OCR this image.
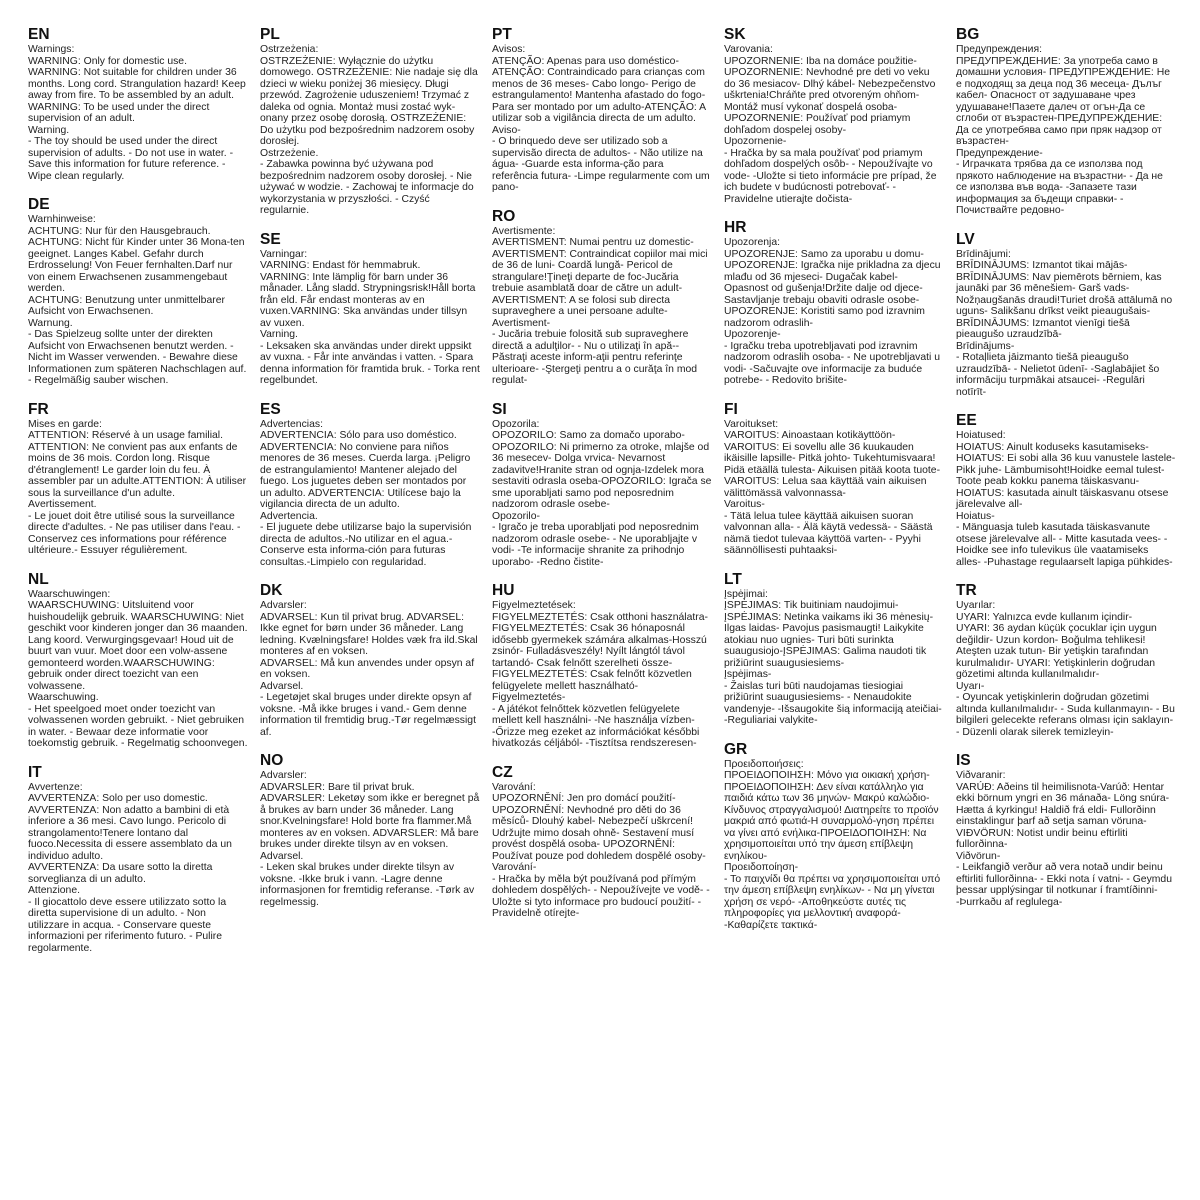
EN
Warnings:
WARNING: Only for domestic use.
WARNING: Not suitable for children under 36 months. Long cord. Strangulation hazard! Keep away from fire. To be assembled by an adult.
WARNING: To be used under the direct supervision of an adult.
Warning.
- The toy should be used under the direct supervision of adults. - Do not use in water. - Save this information for future reference. - Wipe clean regularly.
DE
Warnhinweise:
ACHTUNG: Nur für den Hausgebrauch.
ACHTUNG: Nicht für Kinder unter 36 Mona-ten geeignet. Langes Kabel. Gefahr durch Erdrosselung! Von Feuer fernhalten.Darf nur von einem Erwachsenen zusammengebaut werden.
ACHTUNG: Benutzung unter unmittelbarer Aufsicht von Erwachsenen.
Warnung.
- Das Spielzeug sollte unter der direkten Aufsicht von Erwachsenen benutzt werden. - Nicht im Wasser verwenden. - Bewahre diese Informationen zum späteren Nachschlagen auf. - Regelmäßig sauber wischen.
FR
Mises en garde:
ATTENTION: Réservé à un usage familial.
ATTENTION: Ne convient pas aux enfants de moins de 36 mois. Cordon long. Risque d'étranglement! Le garder loin du feu. À assembler par un adulte.ATTENTION: À utiliser sous la surveillance d'un adulte.
Avertissement.
- Le jouet doit être utilisé sous la surveillance directe d'adultes. - Ne pas utiliser dans l'eau. - Conservez ces informations pour référence ultérieure.- Essuyer régulièrement.
NL
Waarschuwingen:
WAARSCHUWING: Uitsluitend voor huishoudelijk gebruik. WAARSCHUWING: Niet geschikt voor kinderen jonger dan 36 maanden. Lang koord. Verwurgingsgevaar! Houd uit de buurt van vuur. Moet door een volw-assene gemonteerd worden.WAARSCHUWING: gebruik onder direct toezicht van een volwassene.
Waarschuwing.
- Het speelgoed moet onder toezicht van volwassenen worden gebruikt. - Niet gebruiken in water. - Bewaar deze informatie voor toekomstig gebruik. - Regelmatig schoonvegen.
IT
Avvertenze:
AVVERTENZA: Solo per uso domestic.
AVVERTENZA: Non adatto a bambini di età inferiore a 36 mesi. Cavo lungo. Pericolo di strangolamento!Tenere lontano dal fuoco.Necessita di essere assemblato da un individuo adulto.
AVVERTENZA: Da usare sotto la diretta sorveglianza di un adulto.
Attenzione.
- Il giocattolo deve essere utilizzato sotto la diretta supervisione di un adulto. - Non utilizzare in acqua. - Conservare queste informazioni per riferimento futuro. - Pulire regolarmente.
PL
Ostrzeżenia:
OSTRZEŻENIE: Wyłącznie do użytku domowego. OSTRZEŻENIE: Nie nadaje się dla dzieci w wieku poniżej 36 miesięcy. Długi przewód. Zagrożenie uduszeniem! Trzymać z daleka od ognia. Montaż musi zostać wyk-onany przez osobę dorosłą. OSTRZEŻENIE: Do użytku pod bezpośrednim nadzorem osoby dorosłej.
Ostrzeżenie.
- Zabawka powinna być używana pod bezpośrednim nadzorem osoby dorosłej. - Nie używać w wodzie. - Zachowaj te informacje do wykorzystania w przyszłości. - Czyść regularnie.
SE
Varningar:
VARNING: Endast för hemmabruk.
VARNING: Inte lämplig för barn under 36 månader. Lång sladd. Strypningsrisk!Håll borta från eld. Får endast monteras av en vuxen.VARNING: Ska användas under tillsyn av vuxen.
Varning.
- Leksaken ska användas under direkt uppsikt av vuxna. - Får inte användas i vatten. - Spara denna information för framtida bruk. - Torka rent regelbundet.
ES
Advertencias:
ADVERTENCIA: Sólo para uso doméstico.
ADVERTENCIA: No conviene para niños menores de 36 meses. Cuerda larga. ¡Peligro de estrangulamiento! Mantener alejado del fuego. Los juguetes deben ser montados por un adulto. ADVERTENCIA: Utilícese bajo la vigilancia directa de un adulto.
Advertencia.
- El juguete debe utilizarse bajo la supervisión directa de adultos.-No utilizar en el agua.-Conserve esta informa-ción para futuras consultas.-Limpielo con regularidad.
DK
Advarsler:
ADVARSEL: Kun til privat brug. ADVARSEL: Ikke egnet for børn under 36 måneder. Lang ledning. Kvælningsfare! Holdes væk fra ild.Skal monteres af en voksen.
ADVARSEL: Må kun anvendes under opsyn af en voksen.
Advarsel.
- Legetøjet skal bruges under direkte opsyn af voksne. -Må ikke bruges i vand.- Gem denne information til fremtidig brug.-Tør regelmæssigt af.
NO
Advarsler:
ADVARSLER: Bare til privat bruk.
ADVARSLER: Leketøy som ikke er beregnet på å brukes av barn under 36 måneder. Lang snor.Kvelningsfare! Hold borte fra flammer.Må monteres av en voksen. ADVARSLER: Må bare brukes under direkte tilsyn av en voksen.
Advarsel.
- Leken skal brukes under direkte tilsyn av voksne. -Ikke bruk i vann. -Lagre denne informasjonen for fremtidig referanse. -Tørk av regelmessig.
PT
Avisos:
ATENÇÃO: Apenas para uso doméstico-
ATENÇÃO: Contraindicado para crianças com menos de 36 meses- Cabo longo- Perigo de estrangulamento! Mantenha afastado do fogo- Para ser montado por um adulto-ATENÇÃO: A utilizar sob a vigilância directa de um adulto.
Aviso-
- O brinquedo deve ser utilizado sob a supervisão directa de adultos- - Não utilize na água- -Guarde esta informa-ção para referência futura- -Limpe regularmente com um pano-
RO
Avertismente:
AVERTISMENT: Numai pentru uz domestic-AVERTISMENT: Contraindicat copiilor mai mici de 36 de luni- Coardă lungă- Pericol de strangulare!Ţineţi departe de foc-Jucăria trebuie asamblată doar de către un adult-AVERTISMENT: A se folosi sub directa supraveghere a unei persoane adulte-
Avertisment-
- Jucăria trebuie folosită sub supraveghere directă a adulţilor- - Nu o utilizaţi în apă--Păstraţi aceste inform-aţii pentru referinţe ulterioare- -Ştergeţi pentru a o curăţa în mod regulat-
SI
Opozorila:
OPOZORILO: Samo za domačo uporabo-
OPOZORILO: Ni primerno za otroke, mlajše od 36 mesecev- Dolga vrvica- Nevarnost zadavitve!Hranite stran od ognja-Izdelek mora sestaviti odrasla oseba-OPOZORILO: Igrača se sme uporabljati samo pod neposrednim nadzorom odrasle osebe-
Opozorilo-
- Igračo je treba uporabljati pod neposrednim nadzorom odrasle osebe- - Ne uporabljajte v vodi- -Te informacije shranite za prihodnjo uporabo- -Redno čistite-
HU
Figyelmeztetések:
FIGYELMEZTETÉS: Csak otthoni használatra-FIGYELMEZTETÉS: Csak 36 hónaposnál idősebb gyermekek számára alkalmas-Hosszú zsinór- Fulladásveszély! Nyílt lángtól távol tartandó- Csak felnőtt szerelheti össze-FIGYELMEZTETÉS: Csak felnőtt közvetlen felügyelete mellett használható-
Figyelmeztetés-
- A játékot felnőttek közvetlen felügyelete mellett kell használni- -Ne használja vízben- -Őrizze meg ezeket az információkat későbbi hivatkozás céljából- -Tisztítsa rendszeresen-
CZ
Varování:
UPOZORNĚNÍ: Jen pro domácí použití-
UPOZORNĚNÍ: Nevhodné pro děti do 36 měsíců- Dlouhý kabel- Nebezpečí uškrcení! Udržujte mimo dosah ohně- Sestavení musí provést dospělá osoba- UPOZORNĚNÍ: Používat pouze pod dohledem dospělé osoby-
Varování-
- Hračka by měla být používaná pod přímým dohledem dospělých- - Nepoužívejte ve vodě- -Uložte si tyto informace pro budoucí použití- -Pravidelně otírejte-
SK
Varovania:
UPOZORNENIE: Iba na domáce použitie-
UPOZORNENIE: Nevhodné pre deti vo veku do 36 mesiacov- Dlhý kábel- Nebezpečenstvo uškrtenia!Chráňte pred otvoreným ohňom- Montáž musí vykonať dospelá osoba- UPOZORNENIE: Používať pod priamym dohľadom dospelej osoby-
Upozornenie-
- Hračka by sa mala používať pod priamym dohľadom dospelých osôb- - Nepoužívajte vo vode- -Uložte si tieto informácie pre prípad, že ich budete v budúcnosti potrebovať- -Pravidelne utierajte dočista-
HR
Upozorenja:
UPOZORENJE: Samo za uporabu u domu-
UPOZORENJE: Igračka nije prikladna za djecu mlađu od 36 mjeseci- Dugačak kabel- Opasnost od gušenja!Držite dalje od djece-Sastavljanje trebaju obaviti odrasle osobe-UPOZORENJE: Koristiti samo pod izravnim nadzorom odraslih-
Upozorenje-
- Igračku treba upotrebljavati pod izravnim nadzorom odraslih osoba- - Ne upotrebljavati u vodi- -Sačuvajte ove informacije za buduće potrebe- - Redovito brišite-
FI
Varoitukset:
VAROITUS: Ainoastaan kotikäyttöön-
VAROITUS: Ei sovellu alle 36 kuukauden ikäisille lapsille- Pitkä johto- Tukehtumisvaara! Pidä etäällä tulesta- Aikuisen pitää koota tuote-VAROITUS: Lelua saa käyttää vain aikuisen välittömässä valvonnassa-
Varoitus-
- Tätä lelua tulee käyttää aikuisen suoran valvonnan alla- - Älä käytä vedessä- - Säästä nämä tiedot tulevaa käyttöä varten- - Pyyhi säännöllisesti puhtaaksi-
LT
Įspėjimai:
ĮSPĖJIMAS: Tik buitiniam naudojimui-
ĮSPĖJIMAS: Netinka vaikams iki 36 mėnesių- Ilgas laidas- Pavojus pasismaugti! Laikykite atokiau nuo ugnies- Turi būti surinkta suaugusiojo-ĮSPĖJIMAS: Galima naudoti tik prižiūrint suaugusiesiems-
Įspėjimas-
- Žaislas turi būti naudojamas tiesiogiai prižiūrint suaugusiesiems- - Nenaudokite vandenyje- -Išsaugokite šią informaciją ateičiai- -Reguliariai valykite-
GR
Προειδοποιήσεις:
ΠΡΟΕΙΔΟΠΟΙΗΣΗ: Μόνο για οικιακή χρήση-ΠΡΟΕΙΔΟΠΟΙΗΣΗ: Δεν είναι κατάλληλο για παιδιά κάτω των 36 μηνών- Μακρύ καλώδιο- Κίνδυνος στραγγαλισμού! Διατηρείτε το προϊόν μακριά από φωτιά-Η συναρμολό-γηση πρέπει να γίνει από ενήλικα-ΠΡΟΕΙΔΟΠΟΙΗΣΗ: Να χρησιμοποιείται υπό την άμεση επίβλεψη ενηλίκου-
Προειδοποίηση-
- Το παιχνίδι θα πρέπει να χρησιμοποιείται υπό την άμεση επίβλεψη ενηλίκων- - Να μη γίνεται χρήση σε νερό- -Αποθηκεύστε αυτές τις πληροφορίες για μελλοντική αναφορά- -Καθαρίζετε τακτικά-
BG
Предупреждения:
ПРЕДУПРЕЖДЕНИЕ: За употреба само в домашни условия- ПРЕДУПРЕЖДЕНИЕ: Не е подходящ за деца под 36 месеца- Дълъг кабел- Опасност от задушаване чрез удушаване!Пазете далеч от огън-Да се сглоби от възрастен-ПРЕДУПРЕЖДЕНИЕ: Да се употребява само при пряк надзор от възрастен-
Предупреждение-
- Играчката трябва да се използва под прякото наблюдение на възрастни- - Да не се използва във вода- -Запазете тази информация за бъдещи справки- - Почиствайте редовно-
LV
Brīdinājumi:
BRĪDINĀJUMS: Izmantot tikai mājās-
BRĪDINĀJUMS: Nav piemērots bērniem, kas jaunāki par 36 mēnešiem- Garš vads-Nožņaugšanās draudi!Turiet drošā attālumā no uguns- Salikšanu drīkst veikt pieaugušais-BRĪDINĀJUMS: Izmantot vienīgi tiešā pieaugušo uzraudzībā-
Brīdinājums-
- Rotaļlieta jāizmanto tiešā pieaugušo uzraudzībā- - Nelietot ūdenī- -Saglabājiet šo informāciju turpmākai atsaucei- -Regulāri notīrīt-
EE
Hoiatused:
HOIATUS: Ainult koduseks kasutamiseks-
HOIATUS: Ei sobi alla 36 kuu vanustele lastele- Pikk juhe- Lämbumisoht!Hoidke eemal tulest-Toote peab kokku panema täiskasvanu-HOIATUS: kasutada ainult täiskasvanu otsese järelevalve all-
Hoiatus-
- Mänguasja tuleb kasutada täiskasvanute otsese järelevalve all- - Mitte kasutada vees- - Hoidke see info tulevikus üle vaatamiseks alles- -Puhastage regulaarselt lapiga pühkides-
TR
Uyarılar:
UYARI: Yalnızca evde kullanım içindir-
UYARI: 36 aydan küçük çocuklar için uygun değildir- Uzun kordon- Boğulma tehlikesi! Ateşten uzak tutun- Bir yetişkin tarafından kurulmalıdır- UYARI: Yetişkinlerin doğrudan gözetimi altında kullanılmalıdır-
Uyarı-
- Oyuncak yetişkinlerin doğrudan gözetimi altında kullanılmalıdır- - Suda kullanmayın- - Bu bilgileri gelecekte referans olması için saklayın- - Düzenli olarak silerek temizleyin-
IS
Viðvaranir:
VARÚÐ: Aðeins til heimilisnota-Varúð: Hentar ekki börnum yngri en 36 mánaða- Löng snúra- Hætta á kyrkingu! Haldið frá eldi- Fullorðinn einstaklingur þarf að setja saman vöruna- VIÐVÖRUN: Notist undir beinu eftirliti fullorðinna-
Viðvörun-
- Leikfangið verður að vera notað undir beinu eftirliti fullorðinna- - Ekki nota í vatni- - Geymdu þessar upplýsingar til notkunar í framtíðinni- -Þurrkaðu af reglulega-
